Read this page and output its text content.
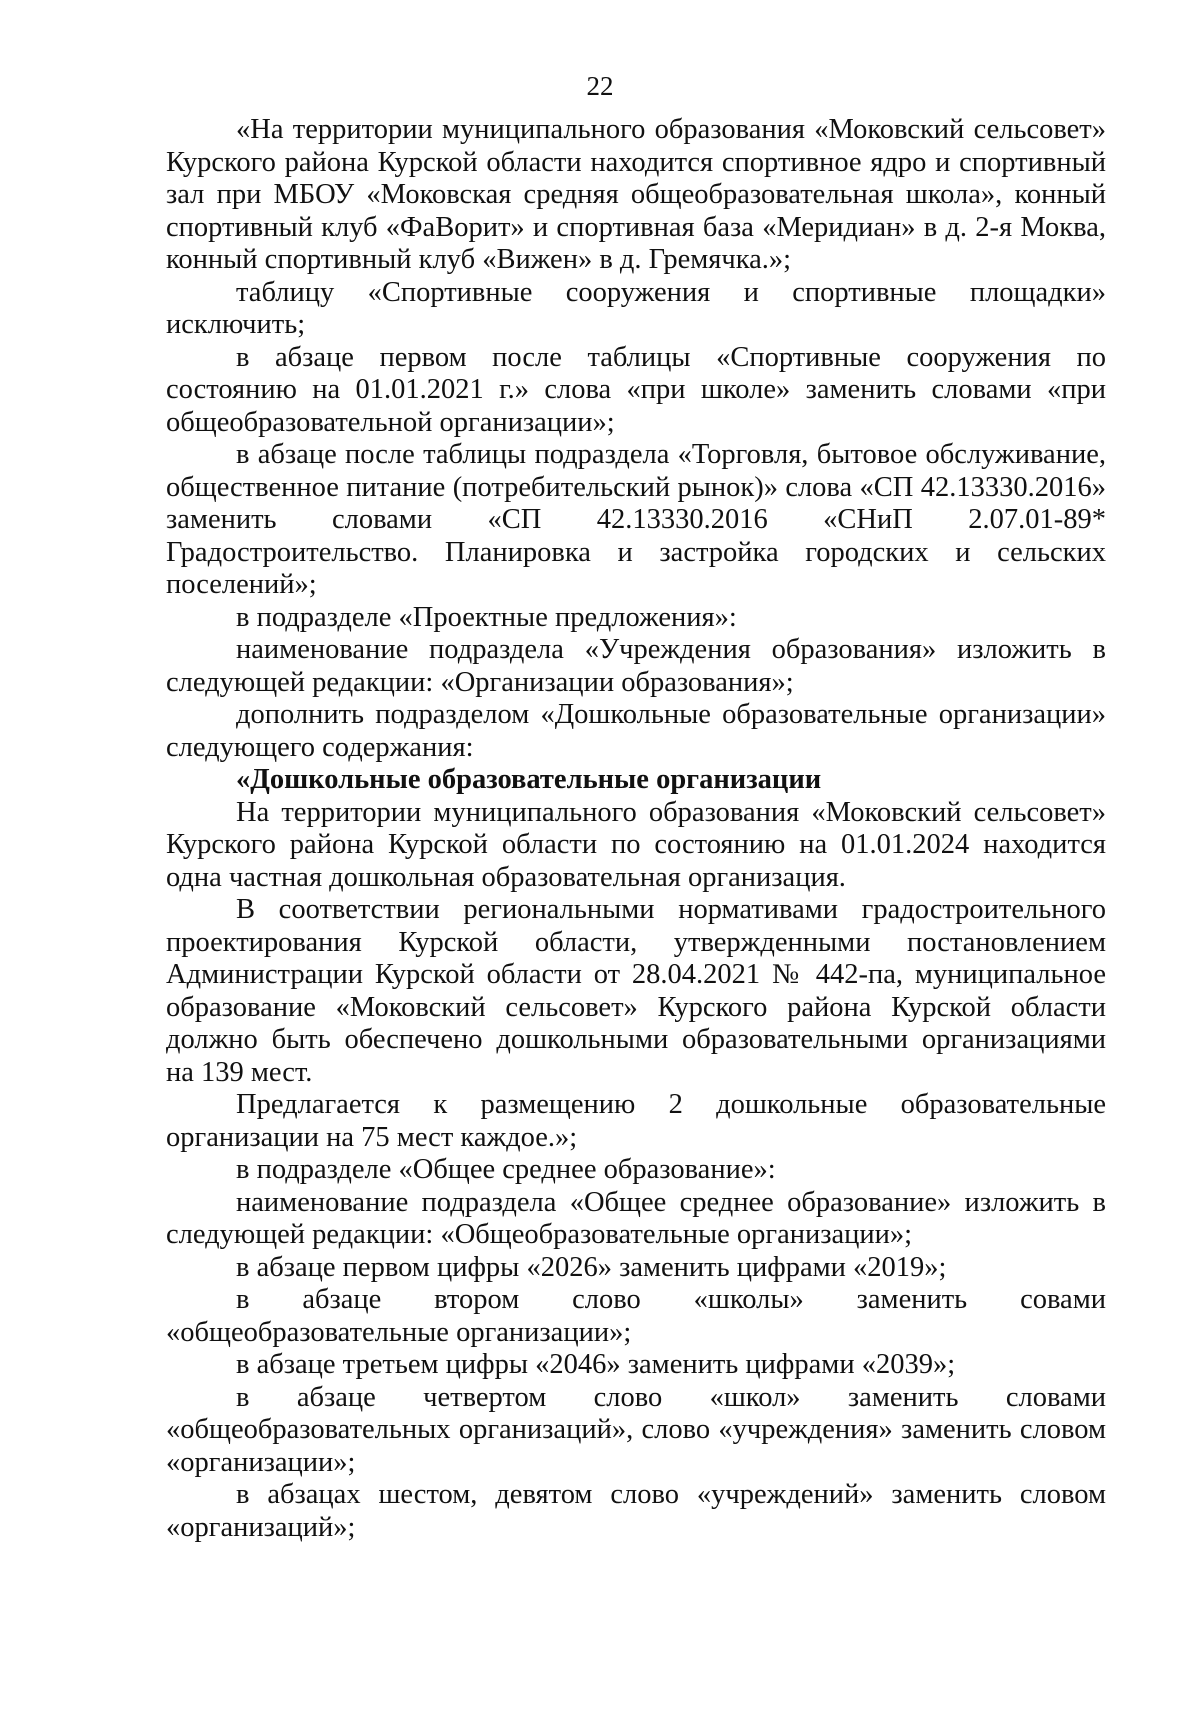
22

«На территории муниципального образования «Моковский сельсовет» Курского района Курской области находится спортивное ядро и спортивный зал при МБОУ «Моковская средняя общеобразовательная школа», конный спортивный клуб «ФаВорит» и спортивная база «Меридиан» в д. 2-я Моква, конный спортивный клуб «Вижен» в д. Гремячка.»;

таблицу «Спортивные сооружения и спортивные площадки» исключить;

в абзаце первом после таблицы «Спортивные сооружения по состоянию на 01.01.2021 г.» слова «при школе» заменить словами «при общеобразовательной организации»;

в абзаце после таблицы подраздела «Торговля, бытовое обслуживание, общественное питание (потребительский рынок)» слова «СП 42.13330.2016» заменить словами «СП 42.13330.2016 «СНиП 2.07.01-89* Градостроительство. Планировка и застройка городских и сельских поселений»;

в подразделе «Проектные предложения»:

наименование подраздела «Учреждения образования» изложить в следующей редакции: «Организации образования»;

дополнить подразделом «Дошкольные образовательные организации» следующего содержания:

«Дошкольные образовательные организации

На территории муниципального образования «Моковский сельсовет» Курского района Курской области по состоянию на 01.01.2024 находится одна частная дошкольная образовательная организация.

В соответствии региональными нормативами градостроительного проектирования Курской области, утвержденными постановлением Администрации Курской области от 28.04.2021 № 442-па, муниципальное образование «Моковский сельсовет» Курского района Курской области должно быть обеспечено дошкольными образовательными организациями на 139 мест.

Предлагается к размещению 2 дошкольные образовательные организации на 75 мест каждое.»;

в подразделе «Общее среднее образование»:

наименование подраздела «Общее среднее образование» изложить в следующей редакции: «Общеобразовательные организации»;

в абзаце первом цифры «2026» заменить цифрами «2019»;

в абзаце втором слово «школы» заменить совами «общеобразовательные организации»;

в абзаце третьем цифры «2046» заменить цифрами «2039»;

в абзаце четвертом слово «школ» заменить словами «общеобразовательных организаций», слово «учреждения» заменить словом «организации»;

в абзацах шестом, девятом слово «учреждений» заменить словом «организаций»;
